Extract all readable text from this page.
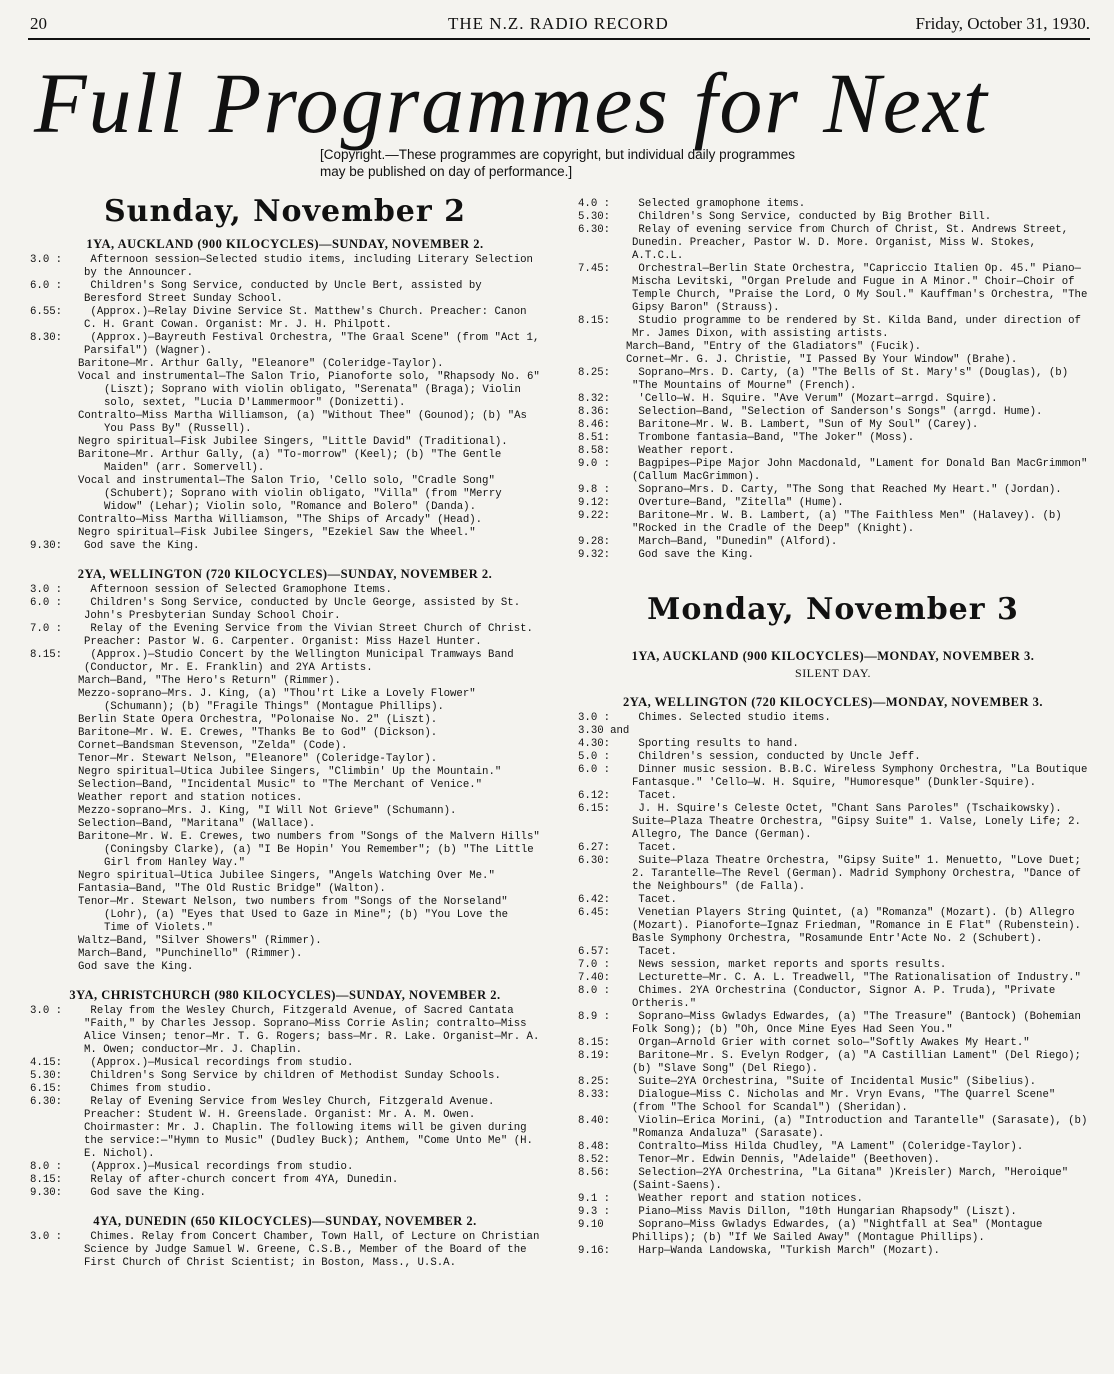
20	THE N.Z. RADIO RECORD	Friday, October 31, 1930.
Full Programmes for Next
[Copyright.—These programmes are copyright, but individual daily programmes may be published on day of performance.]
Sunday, November 2
1YA, AUCKLAND (900 KILOCYCLES)—SUNDAY, NOVEMBER 2.

3.0 :	Afternoon session—Selected studio items, including Literary Selection by the Announcer.

6.0 :	Children's Song Service, conducted by Uncle Bert, assisted by Beresford Street Sunday School.

6.55:	(Approx.)—Relay Divine Service St. Matthew's Church. Preacher: Canon C. H. Grant Cowan. Organist: Mr. J. H. Philpott.

8.30:	(Approx.)—Bayreuth Festival Orchestra, "The Graal Scene" (from "Act 1, Parsifal") (Wagner).

Baritone—Mr. Arthur Gally, "Eleanore" (Coleridge-Taylor).

Vocal and instrumental—The Salon Trio, Pianoforte solo, "Rhapsody No. 6" (Liszt); Soprano with violin obligato, "Serenata" (Braga); Violin solo, sextet, "Lucia D'Lammermoor" (Donizetti).

Contralto—Miss Martha Williamson, (a) "Without Thee" (Gounod); (b) "As You Pass By" (Russell).

Negro spiritual—Fisk Jubilee Singers, "Little David" (Traditional).

Baritone—Mr. Arthur Gally, (a) "To-morrow" (Keel); (b) "The Gentle Maiden" (arr. Somervell).

Vocal and instrumental—The Salon Trio, 'Cello solo, "Cradle Song" (Schubert); Soprano with violin obligato, "Villa" (from "Merry Widow" (Lehar); Violin solo, "Romance and Bolero" (Danda).

Contralto—Miss Martha Williamson, "The Ships of Arcady" (Head).

Negro spiritual—Fisk Jubilee Singers, "Ezekiel Saw the Wheel."

9.30: God save the King.

2YA, WELLINGTON (720 KILOCYCLES)—SUNDAY, NOVEMBER 2.

3.0 :	Afternoon session of Selected Gramophone Items.

6.0 :	Children's Song Service, conducted by Uncle George, assisted by St. John's Presbyterian Sunday School Choir.

7.0 :	Relay of the Evening Service from the Vivian Street Church of Christ. Preacher: Pastor W. G. Carpenter. Organist: Miss Hazel Hunter.

8.15:	(Approx.)—Studio Concert by the Wellington Municipal Tramways Band (Conductor, Mr. E. Franklin) and 2YA Artists.

March—Band, "The Hero's Return" (Rimmer).

Mezzo-soprano—Mrs. J. King, (a) "Thou'rt Like a Lovely Flower" (Schumann); (b) "Fragile Things" (Montague Phillips).

Berlin State Opera Orchestra, "Polonaise No. 2" (Liszt).

Baritone—Mr. W. E. Crewes, "Thanks Be to God" (Dickson).

Cornet—Bandsman Stevenson, "Zelda" (Code).

Tenor—Mr. Stewart Nelson, "Eleanore" (Coleridge-Taylor).

Negro spiritual—Utica Jubilee Singers, "Climbin' Up the Mountain."

Selection—Band, "Incidental Music" to "The Merchant of Venice."

Weather report and station notices.

Mezzo-soprano—Mrs. J. King, "I Will Not Grieve" (Schumann).

Selection—Band, "Maritana" (Wallace).

Baritone—Mr. W. E. Crewes, two numbers from "Songs of the Malvern Hills" (Coningsby Clarke), (a) "I Be Hopin' You Remember"; (b) "The Little Girl from Hanley Way."

Negro spiritual—Utica Jubilee Singers, "Angels Watching Over Me."

Fantasia—Band, "The Old Rustic Bridge" (Walton).

Tenor—Mr. Stewart Nelson, two numbers from "Songs of the Norseland" (Lohr), (a) "Eyes that Used to Gaze in Mine"; (b) "You Love the Time of Violets."

Waltz—Band, "Silver Showers" (Rimmer).

March—Band, "Punchinello" (Rimmer).

God save the King.

3YA, CHRISTCHURCH (980 KILOCYCLES)—SUNDAY, NOVEMBER 2.

3.0 :	Relay from the Wesley Church, Fitzgerald Avenue, of Sacred Cantata "Faith," by Charles Jessop. Soprano—Miss Corrie Aslin; contralto—Miss Alice Vinsen; tenor—Mr. T. G. Rogers; bass—Mr. R. Lake. Organist—Mr. A. M. Owen; conductor—Mr. J. Chaplin.

4.15:	(Approx.)—Musical recordings from studio.

5.30:	Children's Song Service by children of Methodist Sunday Schools.

6.15:	Chimes from studio.

6.30:	Relay of Evening Service from Wesley Church, Fitzgerald Avenue. Preacher: Student W. H. Greenslade. Organist: Mr. A. M. Owen. Choirmaster: Mr. J. Chaplin. The following items will be given during the service:—"Hymn to Music" (Dudley Buck); Anthem, "Come Unto Me" (H. E. Nichol).

8.0 :	(Approx.)—Musical recordings from studio.

8.15:	Relay of after-church concert from 4YA, Dunedin.

9.30:	God save the King.

4YA, DUNEDIN (650 KILOCYCLES)—SUNDAY, NOVEMBER 2.

3.0 :	Chimes. Relay from Concert Chamber, Town Hall, of Lecture on Christian Science by Judge Samuel W. Greene, C.S.B., Member of the Board of the First Church of Christ Scientist; in Boston, Mass., U.S.A.

4.0 :	Selected gramophone items.

5.30:	Children's Song Service, conducted by Big Brother Bill.

6.30:	Relay of evening service from Church of Christ, St. Andrews Street, Dunedin. Preacher, Pastor W. D. More. Organist, Miss W. Stokes, A.T.C.L.

7.45:	Orchestral—Berlin State Orchestra, "Capriccio Italien Op. 45." Piano—Mischa Levitski, "Organ Prelude and Fugue in A Minor." Choir—Choir of Temple Church, "Praise the Lord, O My Soul." Kauffman's Orchestra, "The Gipsy Baron" (Strauss).

8.15:	Studio programme to be rendered by St. Kilda Band, under direction of Mr. James Dixon, with assisting artists.

March—Band, "Entry of the Gladiators" (Fucik).

Cornet—Mr. G. J. Christie, "I Passed By Your Window" (Brahe).

8.25:	Soprano—Mrs. D. Carty, (a) "The Bells of St. Mary's" (Douglas), (b) "The Mountains of Mourne" (French).

8.32:	'Cello—W. H. Squire. "Ave Verum" (Mozart—arrgd. Squire).

8.36:	Selection—Band, "Selection of Sanderson's Songs" (arrgd. Hume).

8.46:	Baritone—Mr. W. B. Lambert, "Sun of My Soul" (Carey).

8.51:	Trombone fantasia—Band, "The Joker" (Moss).

8.58:	Weather report.

9.0 :	Bagpipes—Pipe Major John Macdonald, "Lament for Donald Ban MacGrimmon" (Callum MacGrimmon).

9.8 :	Soprano—Mrs. D. Carty, "The Song that Reached My Heart." (Jordan).

9.12:	Overture—Band, "Zitella" (Hume).

9.22:	Baritone—Mr. W. B. Lambert, (a) "The Faithless Men" (Halavey). (b) "Rocked in the Cradle of the Deep" (Knight).

9.28:	March—Band, "Dunedin" (Alford).

9.32:	God save the King.

Monday, November 3
1YA, AUCKLAND (900 KILOCYCLES)—MONDAY, NOVEMBER 3.
SILENT DAY.
2YA, WELLINGTON (720 KILOCYCLES)—MONDAY, NOVEMBER 3.

3.0 :	Chimes. Selected studio items.

3.30 and 4.30:	Sporting results to hand.

5.0 :	Children's session, conducted by Uncle Jeff.

6.0 :	Dinner music session. B.B.C. Wireless Symphony Orchestra, "La Boutique Fantasque." 'Cello—W. H. Squire, "Humoresque" (Dunkler-Squire).

6.12:	Tacet.

6.15:	J. H. Squire's Celeste Octet, "Chant Sans Paroles" (Tschaikowsky). Suite—Plaza Theatre Orchestra, "Gipsy Suite" 1. Valse, Lonely Life; 2. Allegro, The Dance (German).

6.27:	Tacet.

6.30:	Suite—Plaza Theatre Orchestra, "Gipsy Suite" 1. Menuetto, "Love Duet; 2. Tarantelle—The Revel (German). Madrid Symphony Orchestra, "Dance of the Neighbours" (de Falla).

6.42:	Tacet.

6.45:	Venetian Players String Quintet, (a) "Romanza" (Mozart). (b) Allegro (Mozart). Pianoforte—Ignaz Friedman, "Romance in E Flat" (Rubenstein). Basle Symphony Orchestra, "Rosamunde Entr'Acte No. 2 (Schubert).

6.57:	Tacet.

7.0 :	News session, market reports and sports results.

7.40:	Lecturette—Mr. C. A. L. Treadwell, "The Rationalisation of Industry."

8.0 :	Chimes. 2YA Orchestrina (Conductor, Signor A. P. Truda), "Private Ortheris."

8.9 :	Soprano—Miss Gwladys Edwardes, (a) "The Treasure" (Bantock) (Bohemian Folk Song); (b) "Oh, Once Mine Eyes Had Seen You."

8.15:	Organ—Arnold Grier with cornet solo—"Softly Awakes My Heart."

8.19:	Baritone—Mr. S. Evelyn Rodger, (a) "A Castillian Lament" (Del Riego); (b) "Slave Song" (Del Riego).

8.25:	Suite—2YA Orchestrina, "Suite of Incidental Music" (Sibelius).

8.33:	Dialogue—Miss C. Nicholas and Mr. Vryn Evans, "The Quarrel Scene" (from "The School for Scandal") (Sheridan).

8.40:	Violin—Erica Morini, (a) "Introduction and Tarantelle" (Sarasate), (b) "Romanza Andaluza" (Sarasate).

8.48:	Contralto—Miss Hilda Chudley, "A Lament" (Coleridge-Taylor).

8.52:	Tenor—Mr. Edwin Dennis, "Adelaide" (Beethoven).

8.56:	Selection—2YA Orchestrina, "La Gitana" )Kreisler) March, "Heroique" (Saint-Saens).

9.1 :	Weather report and station notices.

9.3 :	Piano—Miss Mavis Dillon, "10th Hungarian Rhapsody" (Liszt).

9.10	Soprano—Miss Gwladys Edwardes, (a) "Nightfall at Sea" (Montague Phillips); (b) "If We Sailed Away" (Montague Phillips).

9.16:	Harp—Wanda Landowska, "Turkish March" (Mozart).
